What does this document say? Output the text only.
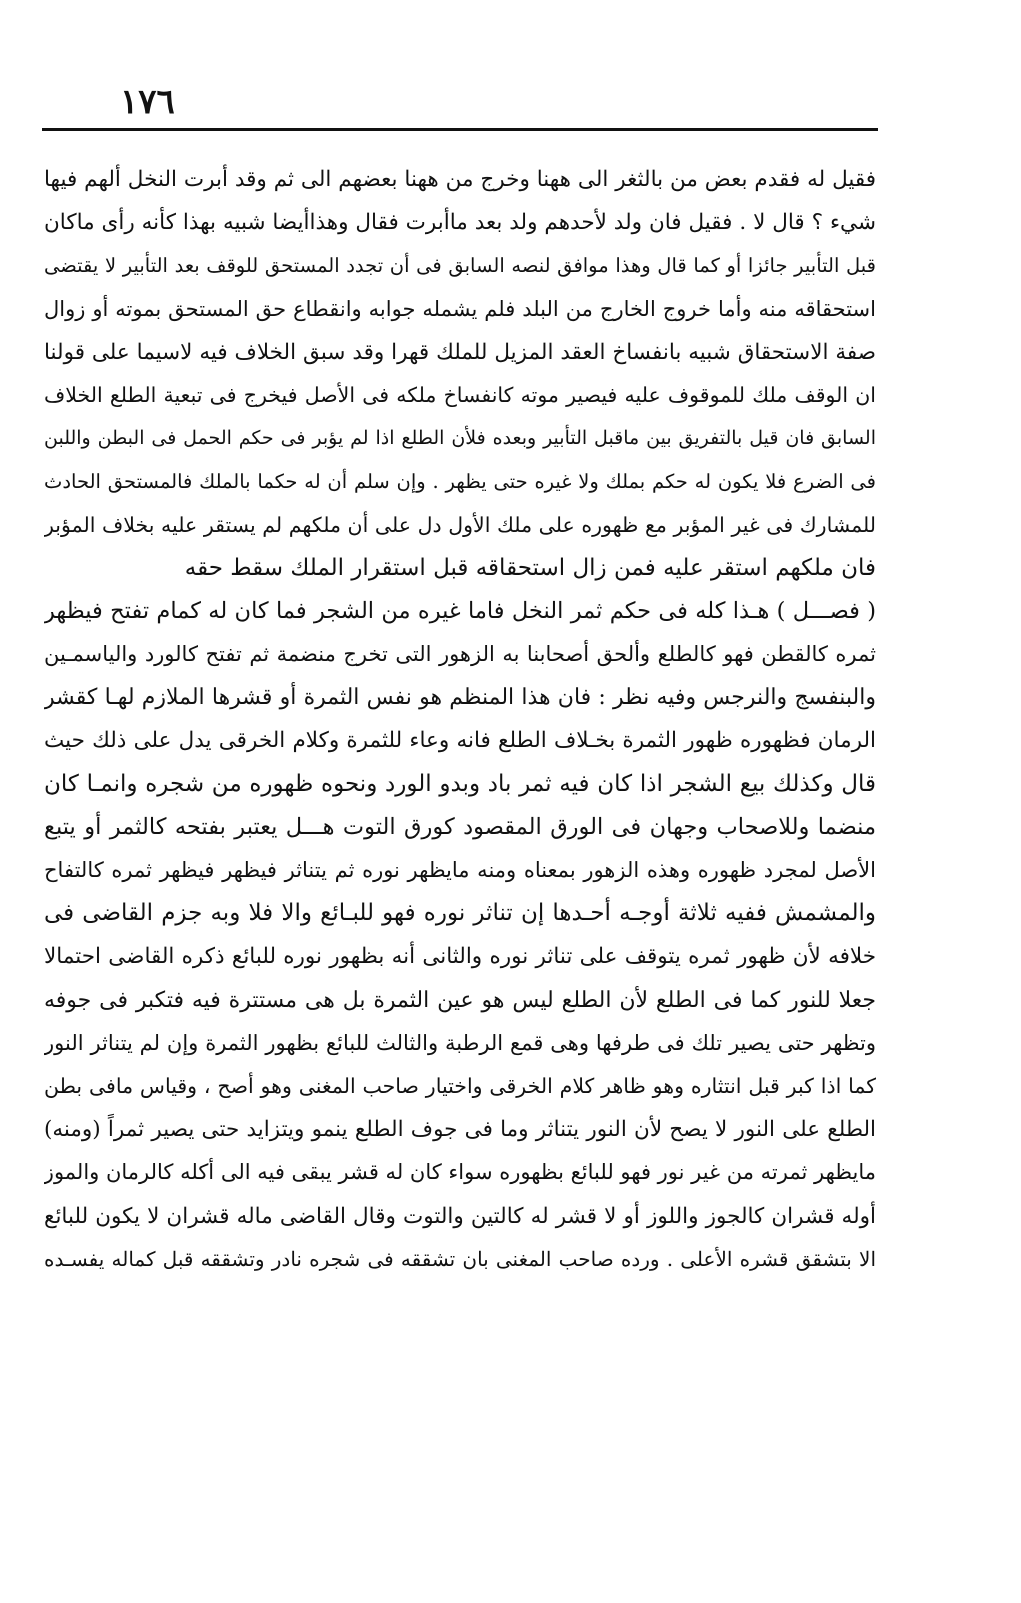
١٧٦
فقيل له فقدم بعض من بالثغر الى ههنا وخرج من ههنا بعضهم الى ثم وقد أبرت النخل ألهم فيها
شيء ؟ قال لا . فقيل فان ولد لأحدهم ولد بعد ماأبرت فقال وهذاأيضا شبيه بهذا كأنه رأى ماكان
قبل التأبير جائزا أو كما قال وهذا موافق لنصه السابق فى أن تجدد المستحق للوقف بعد التأبير لا يقتضى
استحقاقه منه وأما خروج الخارج من البلد فلم يشمله جوابه وانقطاع حق المستحق بموته أو زوال
صفة الاستحقاق شبيه بانفساخ العقد المزيل للملك قهرا وقد سبق الخلاف فيه لاسيما على قولنا
ان الوقف ملك للموقوف عليه فيصير موته كانفساخ ملكه فى الأصل فيخرج فى تبعية الطلع الخلاف
السابق فان قيل بالتفريق بين ماقبل التأبير وبعده فلأن الطلع اذا لم يؤبر فى حكم الحمل فى البطن واللبن
فى الضرع فلا يكون له حكم بملك ولا غيره حتى يظهر . وإن سلم أن له حكما بالملك فالمستحق الحادث
للمشارك فى غير المؤبر مع ظهوره على ملك الأول دل على أن ملكهم لم يستقر عليه بخلاف المؤبر
فان ملكهم استقر عليه فمن زال استحقاقه قبل استقرار الملك سقط حقه
( فصـــل ) هـذا كله فى حكم ثمر النخل فاما غيره من الشجر فما كان له كمام تفتح فيظهر
ثمره كالقطن فهو كالطلع وألحق أصحابنا به الزهور التى تخرج منضمة ثم تفتح كالورد والياسمـين
والبنفسج والنرجس وفيه نظر : فان هذا المنظم هو نفس الثمرة أو قشرها الملازم لهـا كقشر
الرمان فظهوره ظهور الثمرة بخـلاف الطلع فانه وعاء للثمرة وكلام الخرقى يدل على ذلك حيث
قال وكذلك بيع الشجر اذا كان فيه ثمر باد وبدو الورد ونحوه ظهوره من شجره وانمـا كان
منضما وللاصحاب وجهان فى الورق المقصود كورق التوت هـــل يعتبر بفتحه كالثمر أو يتبع
الأصل لمجرد ظهوره وهذه الزهور بمعناه ومنه مايظهر نوره ثم يتناثر فيظهر فيظهر ثمره كالتفاح
والمشمش ففيه ثلاثة أوجـه أحـدها إن تناثر نوره فهو للبـائع والا فلا وبه جزم القاضى فى
خلافه لأن ظهور ثمره يتوقف على تناثر نوره والثانى أنه بظهور نوره للبائع ذكره القاضى احتمالا
جعلا للنور كما فى الطلع لأن الطلع ليس هو عين الثمرة بل هى مستترة فيه فتكبر فى جوفه
وتظهر حتى يصير تلك فى طرفها وهى قمع الرطبة والثالث للبائع بظهور الثمرة وإن لم يتناثر النور
كما اذا كبر قبل انتثاره وهو ظاهر كلام الخرقى واختيار صاحب المغنى وهو أصح ، وقياس مافى بطن
الطلع على النور لا يصح لأن النور يتناثر وما فى جوف الطلع ينمو ويتزايد حتى يصير ثمراً (ومنه)
مايظهر ثمرته من غير نور فهو للبائع بظهوره سواء كان له قشر يبقى فيه الى أكله كالرمان والموز
أوله قشران كالجوز واللوز أو لا قشر له كالتين والتوت وقال القاضى ماله قشران لا يكون للبائع
الا بتشقق قشره الأعلى . ورده صاحب المغنى بان تشققه فى شجره نادر وتشققه قبل كماله يفسـده
